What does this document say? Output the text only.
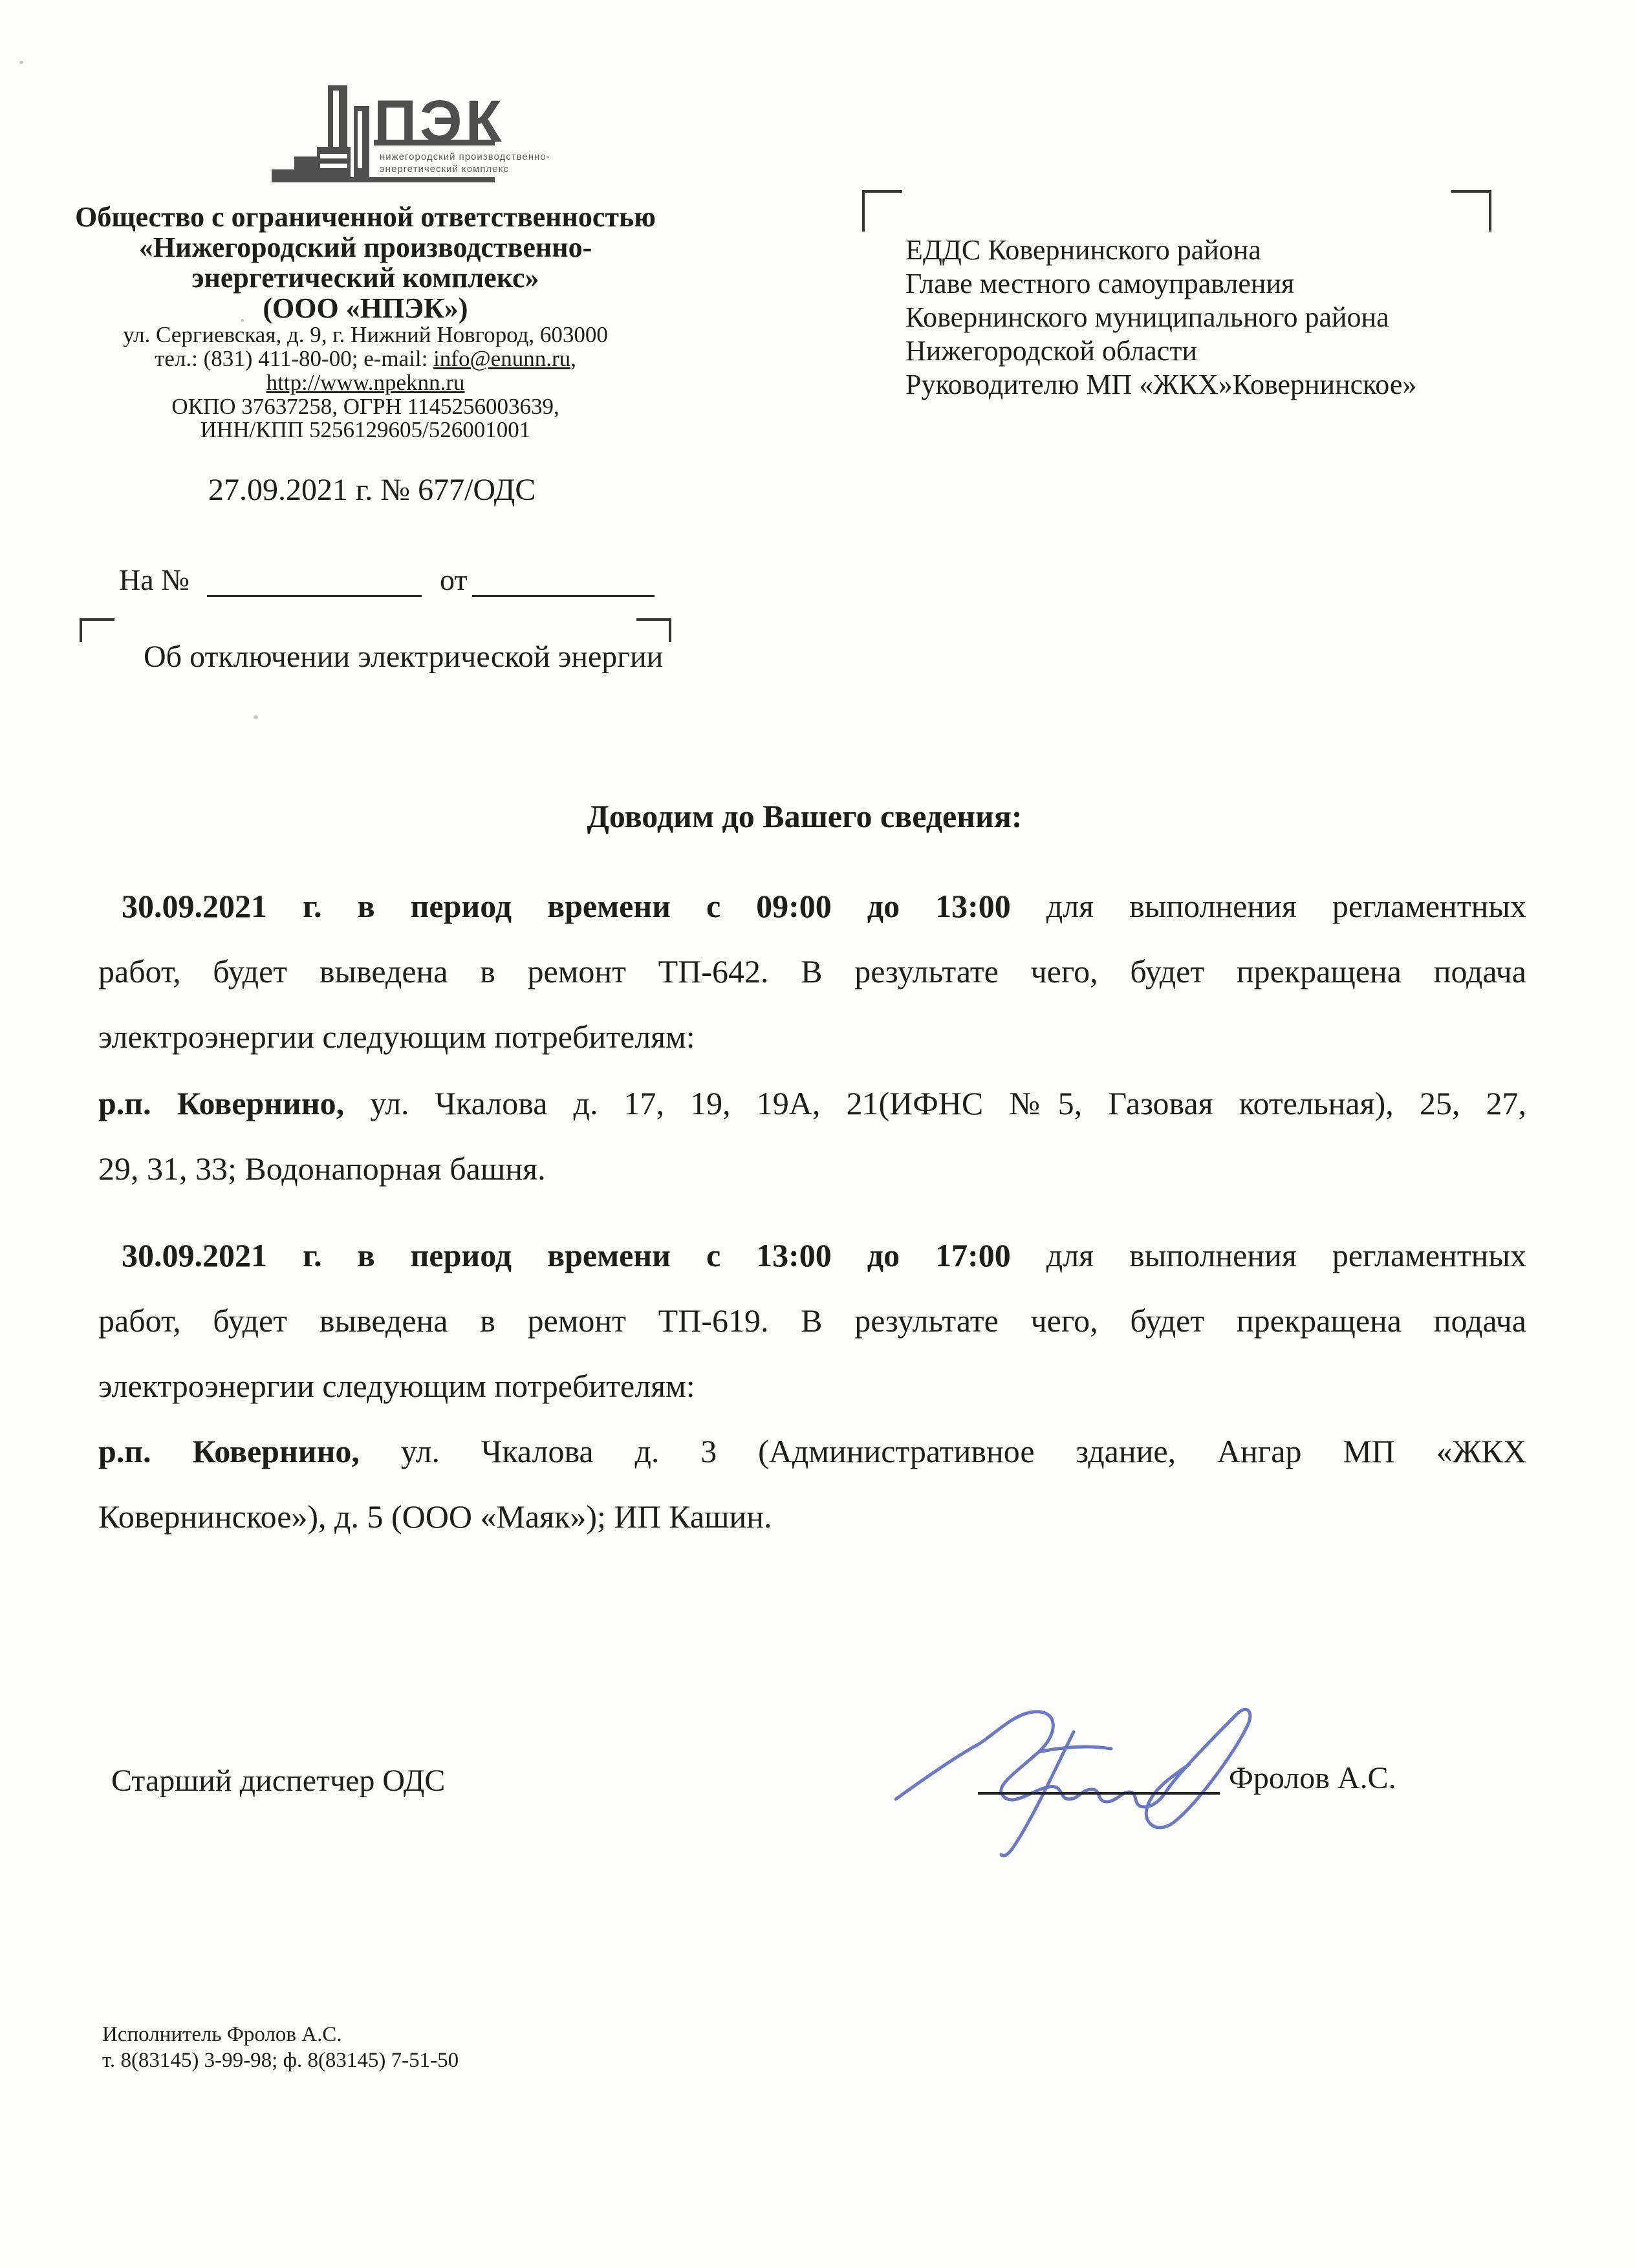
ПЭК
нижегородский производственно-
энергетический комплекс
Общество с ограниченной ответственностью
«Нижегородский производственно-
энергетический комплекс»
(ООО «НПЭК»)
ул. Сергиевская, д. 9, г. Нижний Новгород, 603000
тел.: (831) 411-80-00; e-mail: info@enunn.ru,
http://www.npeknn.ru
ОКПО 37637258, ОГРН 1145256003639,
ИНН/КПП 5256129605/526001001
ЕДДС Ковернинского района
Главе местного самоуправления
Ковернинского муниципального района
Нижегородской области
Руководителю МП «ЖКХ»Ковернинское»
27.09.2021 г. № 677/ОДС
На №	от
Об отключении электрической энергии
Доводим до Вашего сведения:
30.09.2021 г. в период времени с 09:00 до 13:00 для выполнения регламентных
работ, будет выведена в ремонт ТП-642. В результате чего, будет прекращена подача
электроэнергии следующим потребителям:
р.п. Ковернино, ул. Чкалова д. 17, 19, 19А, 21(ИФНС №5, Газовая котельная), 25, 27,
29, 31, 33; Водонапорная башня.
30.09.2021 г. в период времени с 13:00 до 17:00 для выполнения регламентных
работ, будет выведена в ремонт ТП-619. В результате чего, будет прекращена подача
электроэнергии следующим потребителям:
р.п. Ковернино, ул. Чкалова д. 3 (Административное здание, Ангар МП «ЖКХ
Ковернинское»), д. 5 (ООО «Маяк»); ИП Кашин.
Старший диспетчер ОДС	Фролов А.С.
Исполнитель Фролов А.С.
т. 8(83145) 3-99-98; ф. 8(83145) 7-51-50
